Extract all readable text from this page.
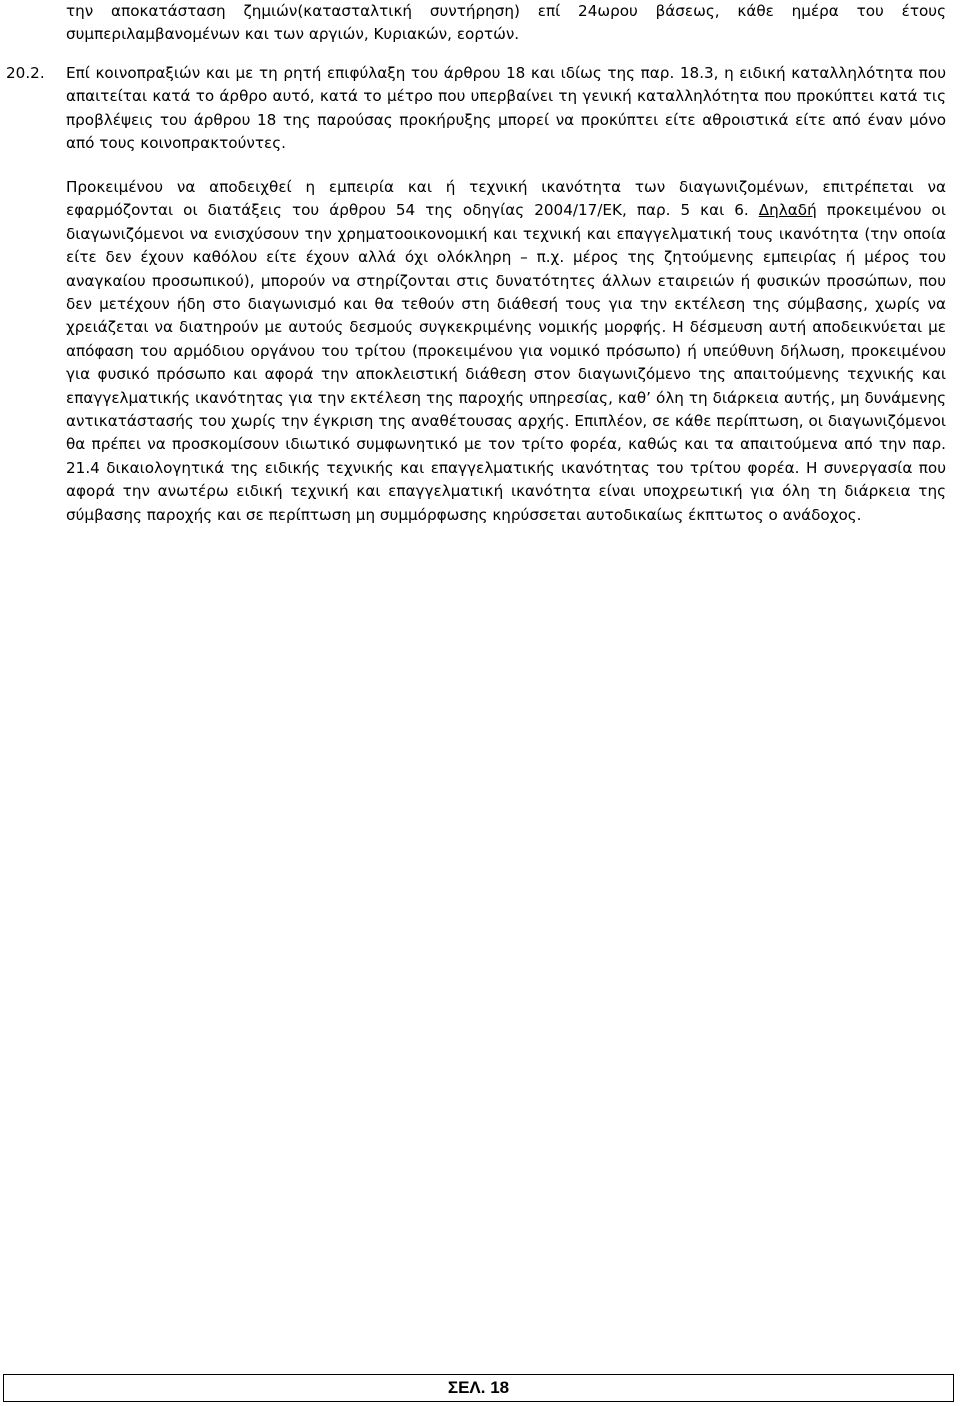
την αποκατάσταση ζημιών(κατασταλτική συντήρηση) επί 24ωρου βάσεως, κάθε ημέρα του έτους συμπεριλαμβανομένων και των αργιών, Κυριακών, εορτών.

20.2. Επί κοινοπραξιών και με τη ρητή επιφύλαξη του άρθρου 18 και ιδίως της παρ. 18.3, η ειδική καταλληλότητα που απαιτείται κατά το άρθρο αυτό, κατά το μέτρο που υπερβαίνει τη γενική καταλληλότητα που προκύπτει κατά τις προβλέψεις του άρθρου 18 της παρούσας προκήρυξης μπορεί να προκύπτει είτε αθροιστικά είτε από έναν μόνο από τους κοινοπρακτούντες.

Προκειμένου να αποδειχθεί η εμπειρία και ή τεχνική ικανότητα των διαγωνιζομένων, επιτρέπεται να εφαρμόζονται οι διατάξεις του άρθρου 54 της οδηγίας 2004/17/ΕΚ, παρ. 5 και 6. Δηλαδή προκειμένου οι διαγωνιζόμενοι να ενισχύσουν την χρηματοοικονομική και τεχνική και επαγγελματική τους ικανότητα (την οποία είτε δεν έχουν καθόλου είτε έχουν αλλά όχι ολόκληρη – π.χ. μέρος της ζητούμενης εμπειρίας ή μέρος του αναγκαίου προσωπικού), μπορούν να στηρίζονται στις δυνατότητες άλλων εταιρειών ή φυσικών προσώπων, που δεν μετέχουν ήδη στο διαγωνισμό και θα τεθούν στη διάθεσή τους για την εκτέλεση της σύμβασης, χωρίς να χρειάζεται να διατηρούν με αυτούς δεσμούς συγκεκριμένης νομικής μορφής. Η δέσμευση αυτή αποδεικνύεται με απόφαση του αρμόδιου οργάνου του τρίτου (προκειμένου για νομικό πρόσωπο) ή υπεύθυνη δήλωση, προκειμένου για φυσικό πρόσωπο και αφορά την αποκλειστική διάθεση στον διαγωνιζόμενο της απαιτούμενης τεχνικής και επαγγελματικής ικανότητας για την εκτέλεση της παροχής υπηρεσίας, καθ’ όλη τη διάρκεια αυτής, μη δυνάμενης αντικατάστασής του χωρίς την έγκριση της αναθέτουσας αρχής. Επιπλέον, σε κάθε περίπτωση, οι διαγωνιζόμενοι θα πρέπει να προσκομίσουν ιδιωτικό συμφωνητικό με τον τρίτο φορέα, καθώς και τα απαιτούμενα από την παρ. 21.4 δικαιολογητικά της ειδικής τεχνικής και επαγγελματικής ικανότητας του τρίτου φορέα. Η συνεργασία που αφορά την ανωτέρω ειδική τεχνική και επαγγελματική ικανότητα είναι υποχρεωτική για όλη τη διάρκεια της σύμβασης παροχής και σε περίπτωση μη συμμόρφωσης κηρύσσεται αυτοδικαίως έκπτωτος ο ανάδοχος.

ΣΕΛ. 18
